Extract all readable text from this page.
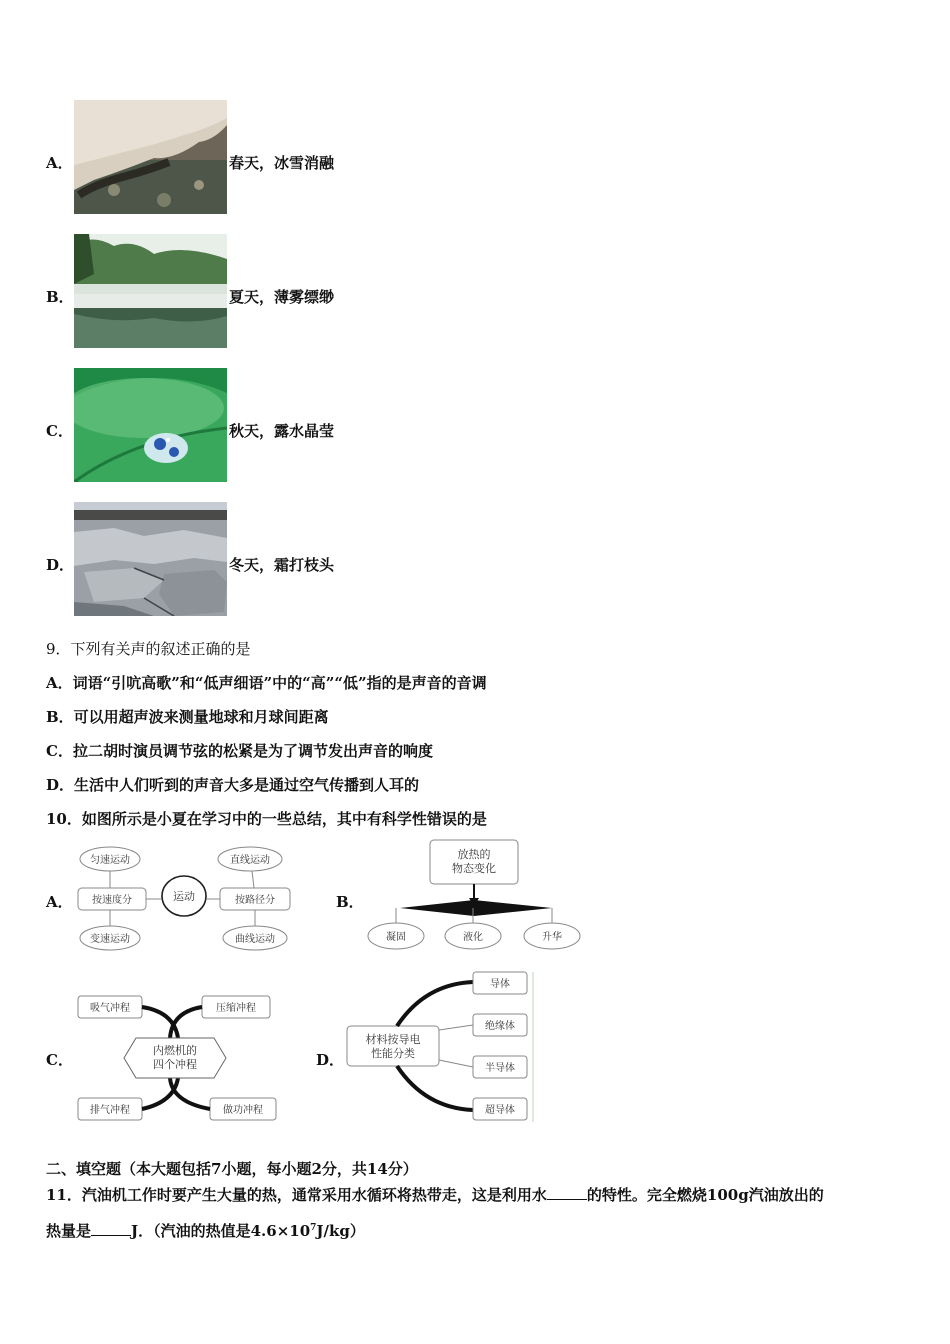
A．	春天，冰雪消融
B．	夏天，薄雾缥缈
C．	秋天，露水晶莹
D．	冬天，霜打枝头
9．下列有关声的叙述正确的是
A．词语“引吭高歌”和“低声细语”中的“高”“低”指的是声音的音调
B．可以用超声波来测量地球和月球间距离
C．拉二胡时演员调节弦的松紧是为了调节发出声音的响度
D．生活中人们听到的声音大多是通过空气传播到人耳的
10．如图所示是小夏在学习中的一些总结，其中有科学性错误的是
A．
匀速运动
变速运动
按速度分	运动	按路径分
直线运动
曲线运动
B．
放热的
物态变化
凝固	液化	升华
C．
吸气冲程	压缩冲程
排气冲程	做功冲程
内燃机的
四个冲程	D．
材料按导电
性能分类
导体
绝缘体
半导体
超导体
二、填空题（本大题包括7小题，每小题2分，共14分）
11．汽油机工作时要产生大量的热，通常采用水循环将热带走，这是利用水	的特性。完全燃烧100g汽油放出的
热量是	J．（汽油的热值是$4.6\times 10^7J/kg$）
